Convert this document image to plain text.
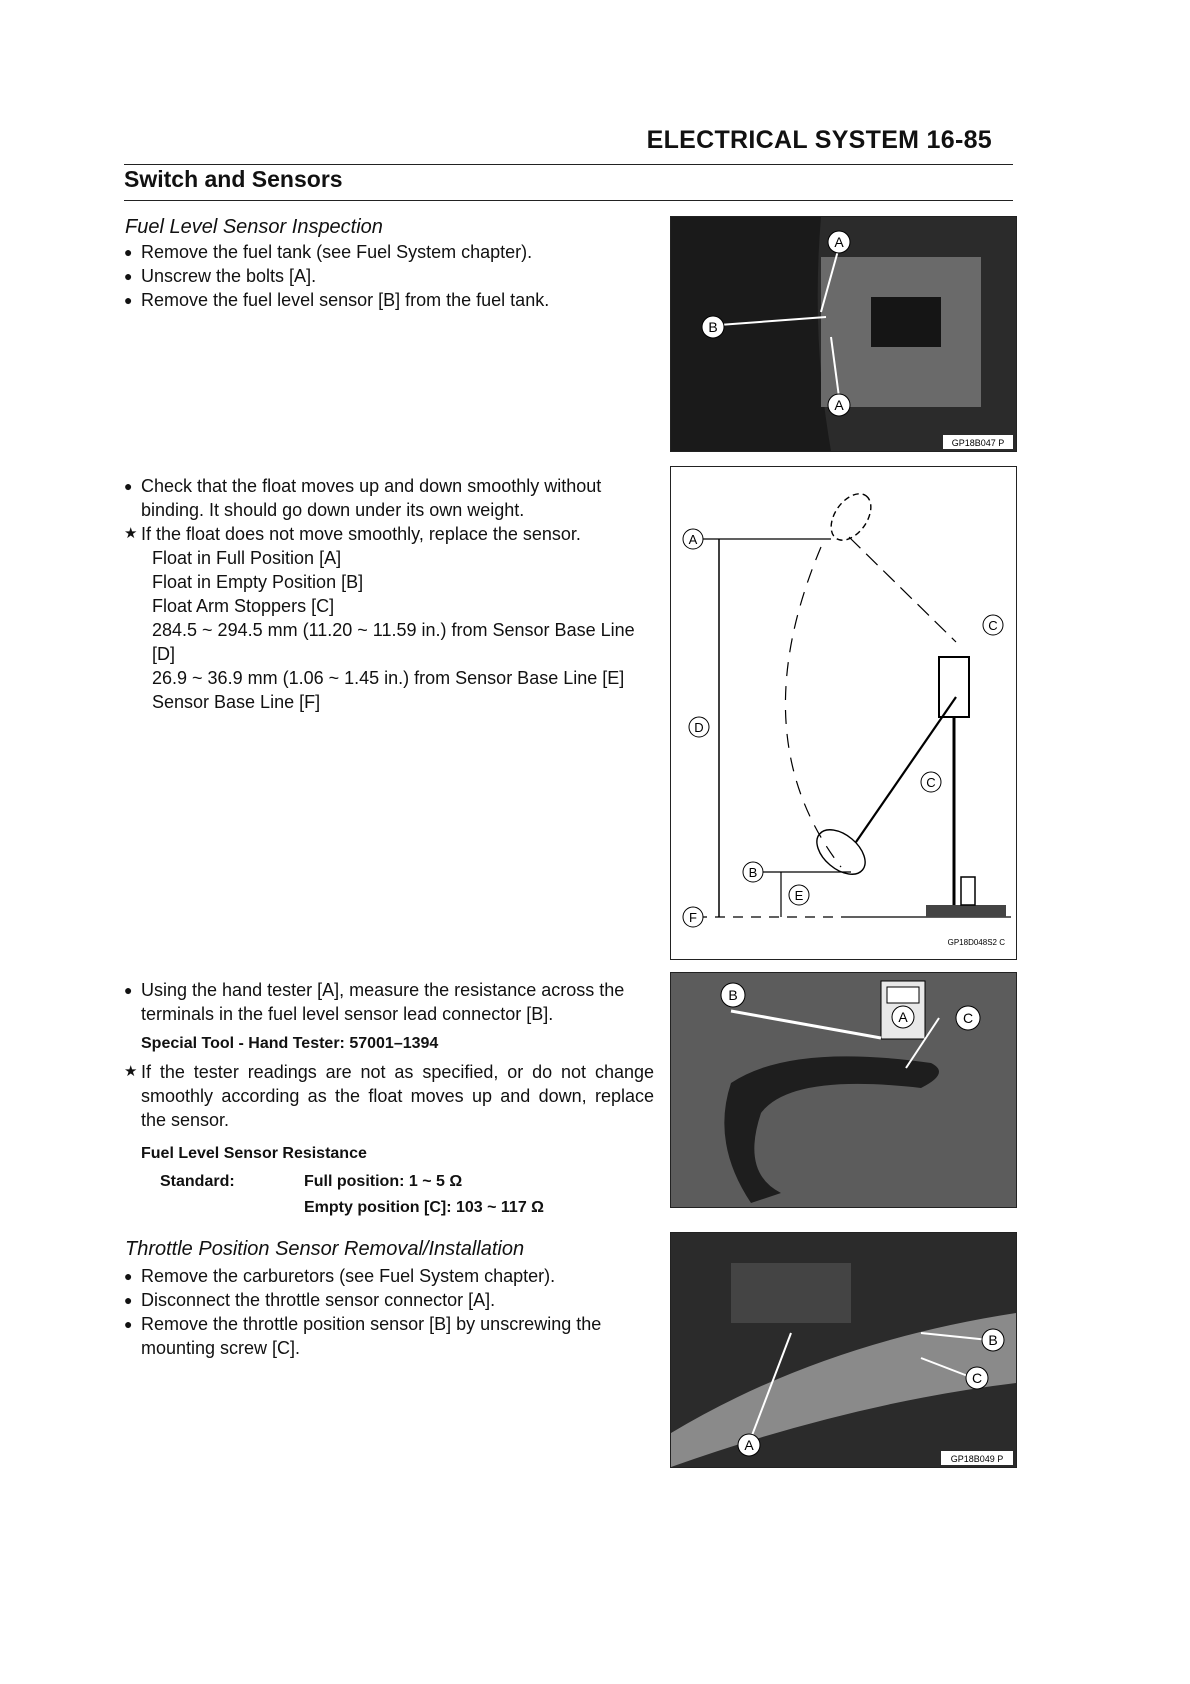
ELECTRICAL SYSTEM 16-85
Switch and Sensors
Fuel Level Sensor Inspection
● Remove the fuel tank (see Fuel System chapter).
● Unscrew the bolts [A].
● Remove the fuel level sensor [B] from the fuel tank.
● Check that the float moves up and down smoothly without binding. It should go down under its own weight.
★ If the float does not move smoothly, replace the sensor.
Float in Full Position [A]
Float in Empty Position [B]
Float Arm Stoppers [C]
284.5 ~ 294.5 mm (11.20 ~ 11.59 in.) from Sensor Base Line [D]
26.9 ~ 36.9 mm (1.06 ~ 1.45 in.) from Sensor Base Line [E]
Sensor Base Line [F]
● Using the hand tester [A], measure the resistance across the terminals in the fuel level sensor lead connector [B].
Special Tool - Hand Tester: 57001–1394
★ If the tester readings are not as specified, or do not change smoothly according as the float moves up and down, replace the sensor.
Fuel Level Sensor Resistance
Standard:	Full position: 1 ~ 5 Ω
Empty position [C]: 103 ~ 117 Ω
Throttle Position Sensor Removal/Installation
● Remove the carburetors (see Fuel System chapter).
● Disconnect the throttle sensor connector [A].
● Remove the throttle position sensor [B] by unscrewing the mounting screw [C].
A
B
A
GP18B047 P
A
B
C
C
D
E
F
GP18D048S2 C
B
A	C
B
C
A
GP18B049 P
